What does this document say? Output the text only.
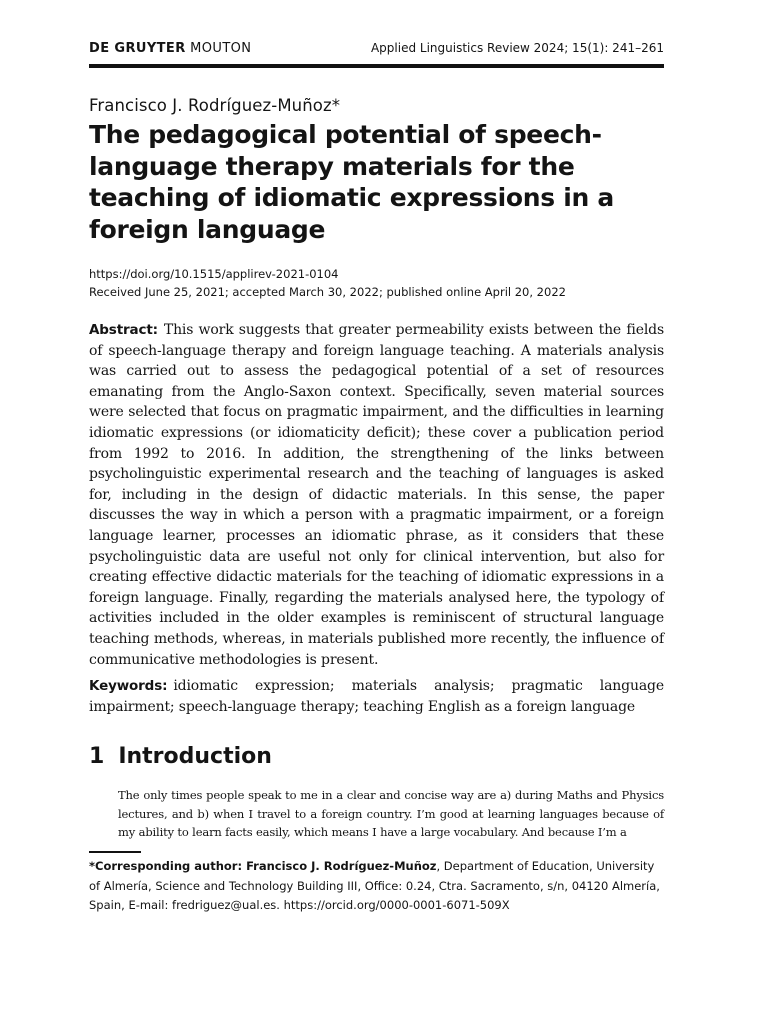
DE GRUYTER MOUTON	Applied Linguistics Review 2024; 15(1): 241–261
Francisco J. Rodríguez-Muñoz*
The pedagogical potential of speech-language therapy materials for the teaching of idiomatic expressions in a foreign language
https://doi.org/10.1515/applirev-2021-0104
Received June 25, 2021; accepted March 30, 2022; published online April 20, 2022

Abstract: This work suggests that greater permeability exists between the fields of speech-language therapy and foreign language teaching. A materials analysis was carried out to assess the pedagogical potential of a set of resources emanating from the Anglo-Saxon context. Specifically, seven material sources were selected that focus on pragmatic impairment, and the difficulties in learning idiomatic expressions (or idiomaticity deficit); these cover a publication period from 1992 to 2016. In addition, the strengthening of the links between psycholinguistic experimental research and the teaching of languages is asked for, including in the design of didactic materials. In this sense, the paper discusses the way in which a person with a pragmatic impairment, or a foreign language learner, processes an idiomatic phrase, as it considers that these psycholinguistic data are useful not only for clinical intervention, but also for creating effective didactic materials for the teaching of idiomatic expressions in a foreign language. Finally, regarding the materials analysed here, the typology of activities included in the older examples is reminiscent of structural language teaching methods, whereas, in materials published more recently, the influence of communicative methodologies is present.

Keywords: idiomatic expression; materials analysis; pragmatic language impairment; speech-language therapy; teaching English as a foreign language

1 Introduction

The only times people speak to me in a clear and concise way are a) during Maths and Physics lectures, and b) when I travel to a foreign country. I’m good at learning languages because of my ability to learn facts easily, which means I have a large vocabulary. And because I’m a

*Corresponding author: Francisco J. Rodríguez-Muñoz, Department of Education, University of Almería, Science and Technology Building III, Office: 0.24, Ctra. Sacramento, s/n, 04120 Almería, Spain, E-mail: fredriguez@ual.es. https://orcid.org/0000-0001-6071-509X
